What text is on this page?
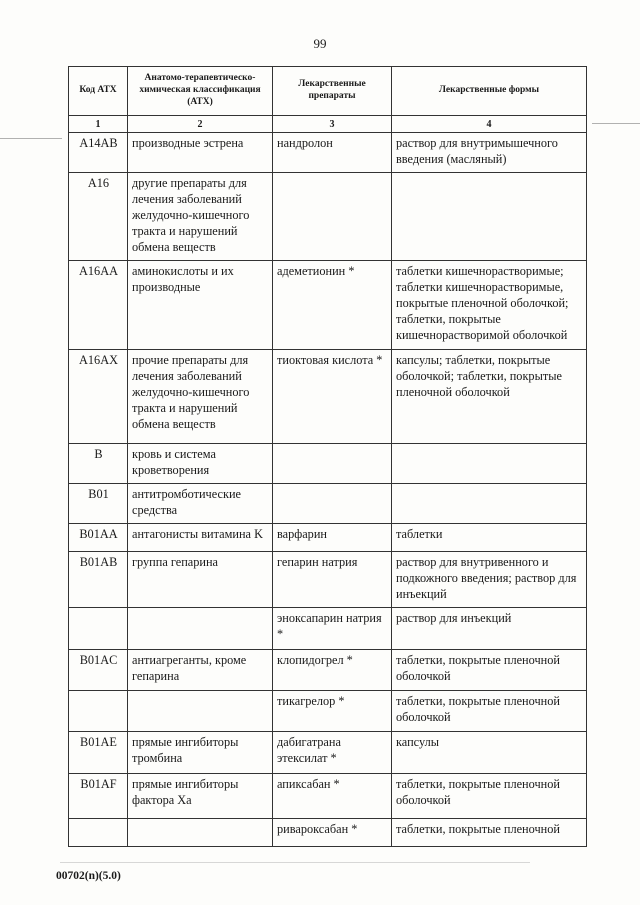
99
Код АТХ	Анатомо-терапевтическо-химическая классификация (АТХ)	Лекарственные препараты	Лекарственные формы
1	2	3	4
A14AB	производные эстрена	нандролон	раствор для внутримышечного введения (масляный)
A16	другие препараты для лечения заболеваний желудочно-кишечного тракта и нарушений обмена веществ		
A16AA	аминокислоты и их производные	адеметионин *	таблетки кишечнорастворимые; таблетки кишечнорастворимые, покрытые пленочной оболочкой; таблетки, покрытые кишечнорастворимой оболочкой
A16AX	прочие препараты для лечения заболеваний желудочно-кишечного тракта и нарушений обмена веществ	тиоктовая кислота *	капсулы; таблетки, покрытые оболочкой; таблетки, покрытые пленочной оболочкой
B	кровь и система кроветворения		
B01	антитромботические средства		
B01AA	антагонисты витамина K	варфарин	таблетки
B01AB	группа гепарина	гепарин натрия	раствор для внутривенного и подкожного введения; раствор для инъекций
		эноксапарин натрия *	раствор для инъекций
B01AC	антиагреганты, кроме гепарина	клопидогрел *	таблетки, покрытые пленочной оболочкой
		тикагрелор *	таблетки, покрытые пленочной оболочкой
B01AE	прямые ингибиторы тромбина	дабигатрана этексилат *	капсулы
B01AF	прямые ингибиторы фактора Xa	апиксабан *	таблетки, покрытые пленочной оболочкой
		ривароксабан *	таблетки, покрытые пленочной
00702(n)(5.0)
